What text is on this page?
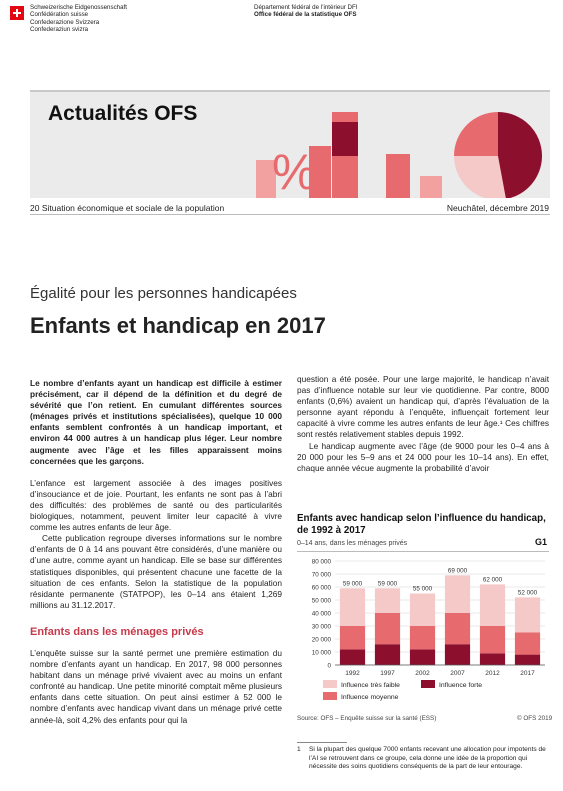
Schweizerische Eidgenossenschaft
Confédération suisse
Confederazione Svizzera
Confederaziun svizra
Département fédéral de l’intérieur DFI
Office fédéral de la statistique OFS
Actualités OFS
%
20 Situation économique et sociale de la population	Neuchâtel, décembre 2019
Égalité pour les personnes handicapées
Enfants et handicap en 2017

Le nombre d’enfants ayant un handicap est difficile à estimer précisément, car il dépend de la définition et du degré de sévérité que l’on retient. En cumulant différentes sources (ménages privés et institutions spécialisées), quelque 10 000 enfants semblent confrontés à un handicap important, et environ 44 000 autres à un handicap plus léger. Leur nombre augmente avec l’âge et les filles apparaissent moins concernées que les garçons.

L’enfance est largement associée à des images positives d’insouciance et de joie. Pourtant, les enfants ne sont pas à l’abri des difficultés: des problèmes de santé ou des particularités biologiques, notamment, peuvent limiter leur capacité à vivre comme les autres enfants de leur âge.

Cette publication regroupe diverses informations sur le nombre d’enfants de 0 à 14 ans pouvant être considérés, d’une manière ou d’une autre, comme ayant un handicap. Elle se base sur différentes statistiques disponibles, qui présentent chacune une facette de la situation de ces enfants. Selon la statistique de la population résidante permanente (STATPOP), les 0–14 ans étaient 1,269 millions au 31.12.2017.

Enfants dans les ménages privés

L’enquête suisse sur la santé permet une première estimation du nombre d’enfants ayant un handicap. En 2017, 98 000 personnes habitant dans un ménage privé vivaient avec au moins un enfant confronté au handicap. Une petite minorité comptait même plusieurs enfants dans cette situation. On peut ainsi estimer à 52 000 le nombre d’enfants avec handicap vivant dans un ménage privé cette année-là, soit 4,2% des enfants pour qui la

question a été posée. Pour une large majorité, le handicap n’avait pas d’influence notable sur leur vie quotidienne. Par contre, 8000 enfants (0,6%) avaient un handicap qui, d’après l’évaluation de la personne ayant répondu à l’enquête, influençait fortement leur capacité à vivre comme les autres enfants de leur âge.¹ Ces chiffres sont restés relativement stables depuis 1992.

Le handicap augmente avec l’âge (de 9000 pour les 0–4 ans à 20 000 pour les 5–9 ans et 24 000 pour les 10–14 ans). En effet, chaque année vécue augmente la probabilité d’avoir

Enfants avec handicap selon l’influence du handicap, de 1992 à 2017
G1
0–14 ans, dans les ménages privés
0
10 000
20 000
30 000
40 000
50 000
60 000
70 000
80 000
59 000
1992
59 000
1997
55 000
2002
69 000
2007
62 000
2012
52 000
2017
Influence très faible	Influence forte
Influence moyenne
Source: OFS – Enquête suisse sur la santé (ESS)	© OFS 2019
1 Si la plupart des quelque 7000 enfants recevant une allocation pour impotents de l’AI se retrouvent dans ce groupe, cela donne une idée de la proportion qui nécessite des soins quotidiens conséquents de la part de leur entourage.
